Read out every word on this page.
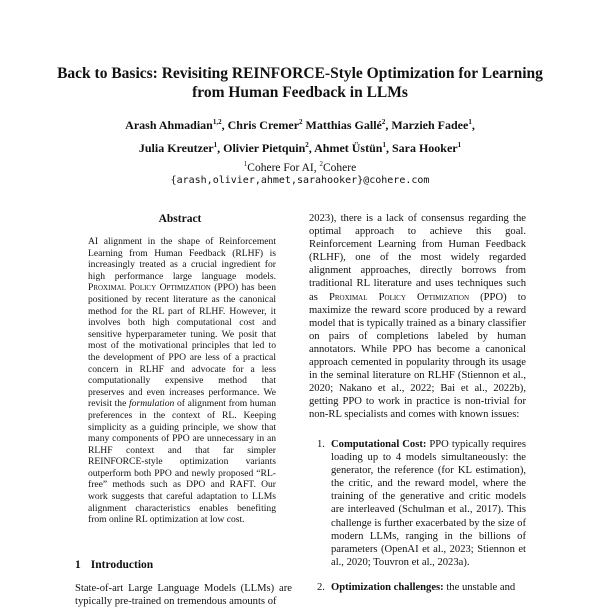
Back to Basics: Revisiting REINFORCE-Style Optimization for Learning from Human Feedback in LLMs
Arash Ahmadian$^{1,2}$, Chris Cremer$^2$ Matthias Gallé$^2$, Marzieh Fadee$^1$,
Julia Kreutzer$^1$, Olivier Pietquin$^2$, Ahmet Üstün$^1$, Sara Hooker$^1$
$^1$Cohere For AI, $^2$Cohere
{arash,olivier,ahmet,sarahooker}@cohere.com
Abstract
AI alignment in the shape of Reinforcement Learning from Human Feedback (RLHF) is increasingly treated as a crucial ingredient for high performance large language models. Proximal Policy Optimization (PPO) has been positioned by recent literature as the canonical method for the RL part of RLHF. However, it involves both high computational cost and sensitive hyperparameter tuning. We posit that most of the motivational principles that led to the development of PPO are less of a practical concern in RLHF and advocate for a less computationally expensive method that preserves and even increases performance. We revisit the formulation of alignment from human preferences in the context of RL. Keeping simplicity as a guiding principle, we show that many components of PPO are unnecessary in an RLHF context and that far simpler REINFORCE-style optimization variants outperform both PPO and newly proposed “RL-free” methods such as DPO and RAFT. Our work suggests that careful adaptation to LLMs alignment characteristics enables benefiting from online RL optimization at low cost.
1 Introduction
State-of-art Large Language Models (LLMs) are typically pre-trained on tremendous amounts of
2023), there is a lack of consensus regarding the optimal approach to achieve this goal. Reinforcement Learning from Human Feedback (RLHF), one of the most widely regarded alignment approaches, directly borrows from traditional RL literature and uses techniques such as Proximal Policy Optimization (PPO) to maximize the reward score produced by a reward model that is typically trained as a binary classifier on pairs of completions labeled by human annotators. While PPO has become a canonical approach cemented in popularity through its usage in the seminal literature on RLHF (Stiennon et al., 2020; Nakano et al., 2022; Bai et al., 2022b), getting PPO to work in practice is non-trivial for non-RL specialists and comes with known issues:
1. Computational Cost: PPO typically requires loading up to 4 models simultaneously: the generator, the reference (for KL estimation), the critic, and the reward model, where the training of the generative and critic models are interleaved (Schulman et al., 2017). This challenge is further exacerbated by the size of modern LLMs, ranging in the billions of parameters (OpenAI et al., 2023; Stiennon et al., 2020; Touvron et al., 2023a).
2. Optimization challenges: the unstable and
